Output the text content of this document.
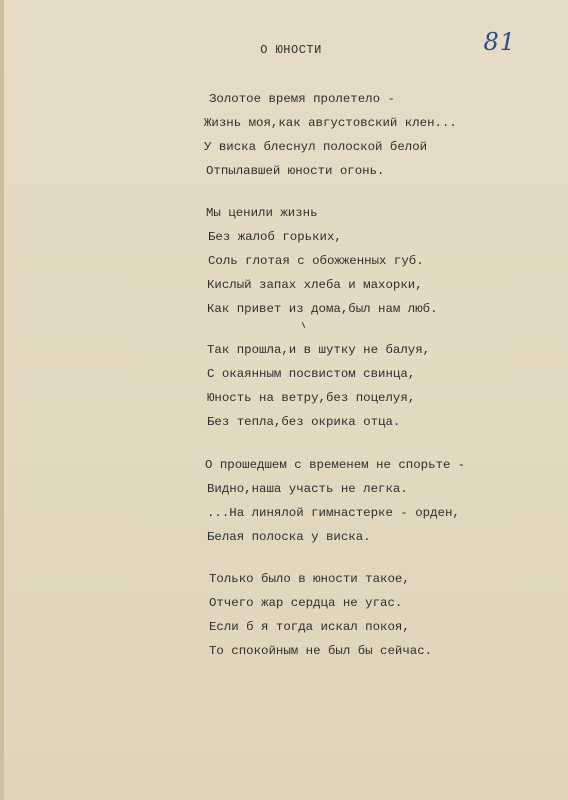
81
О ЮНОСТИ
Золотое время пролетело -
Жизнь моя,как августовский клен...
У виска блеснул полоской белой
Отпылавшей юности огонь.
Мы ценили жизнь
Без жалоб горьких,
Соль глотая с обожженных губ.
Кислый запах хлеба и махорки,
Как привет из дома,был нам люб.
Так прошла,и в шутку не балуя,
С окаянным посвистом свинца,
Юность на ветру,без поцелуя,
Без тепла,без окрика отца.
О прошедшем с временем не спорьте -
Видно,наша участь не легка.
...На линялой гимнастерке - орден,
Белая полоска у виска.
Только было в юности такое,
Отчего жар сердца не угас.
Если б я тогда искал покоя,
То спокойным не был бы сейчас.
